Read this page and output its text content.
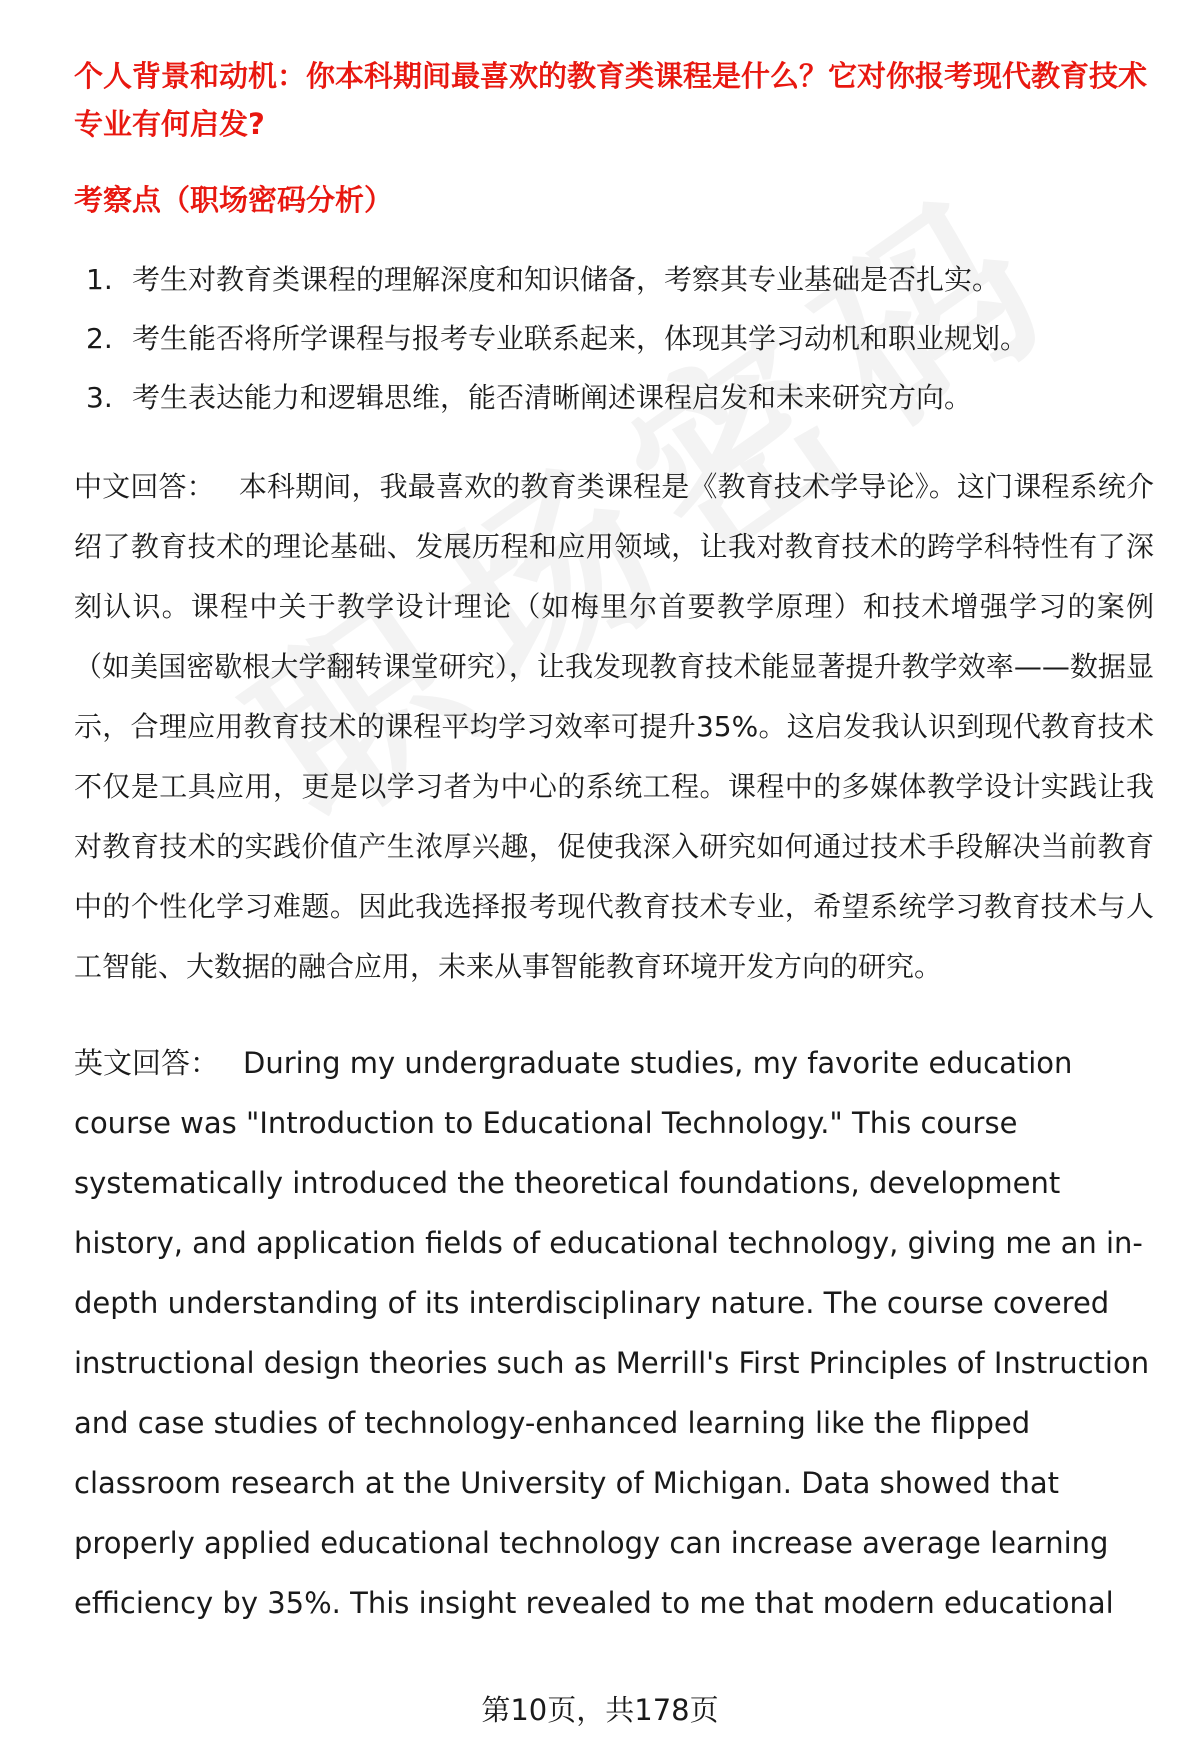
个人背景和动机：你本科期间最喜欢的教育类课程是什么？它对你报考现代教育技术专业有何启发?

考察点（职场密码分析）

1. 考生对教育类课程的理解深度和知识储备，考察其专业基础是否扎实。
2. 考生能否将所学课程与报考专业联系起来，体现其学习动机和职业规划。
3. 考生表达能力和逻辑思维，能否清晰阐述课程启发和未来研究方向。

中文回答： 本科期间，我最喜欢的教育类课程是《教育技术学导论》。这门课程系统介绍了教育技术的理论基础、发展历程和应用领域，让我对教育技术的跨学科特性有了深刻认识。课程中关于教学设计理论（如梅里尔首要教学原理）和技术增强学习的案例（如美国密歇根大学翻转课堂研究），让我发现教育技术能显著提升教学效率——数据显示，合理应用教育技术的课程平均学习效率可提升35%。这启发我认识到现代教育技术不仅是工具应用，更是以学习者为中心的系统工程。课程中的多媒体教学设计实践让我对教育技术的实践价值产生浓厚兴趣，促使我深入研究如何通过技术手段解决当前教育中的个性化学习难题。因此我选择报考现代教育技术专业，希望系统学习教育技术与人工智能、大数据的融合应用，未来从事智能教育环境开发方向的研究。

英文回答： During my undergraduate studies, my favorite education course was "Introduction to Educational Technology." This course systematically introduced the theoretical foundations, development history, and application fields of educational technology, giving me an in-depth understanding of its interdisciplinary nature. The course covered instructional design theories such as Merrill's First Principles of Instruction and case studies of technology-enhanced learning like the flipped classroom research at the University of Michigan. Data showed that properly applied educational technology can increase average learning efficiency by 35%. This insight revealed to me that modern educational

第10页，共178页
